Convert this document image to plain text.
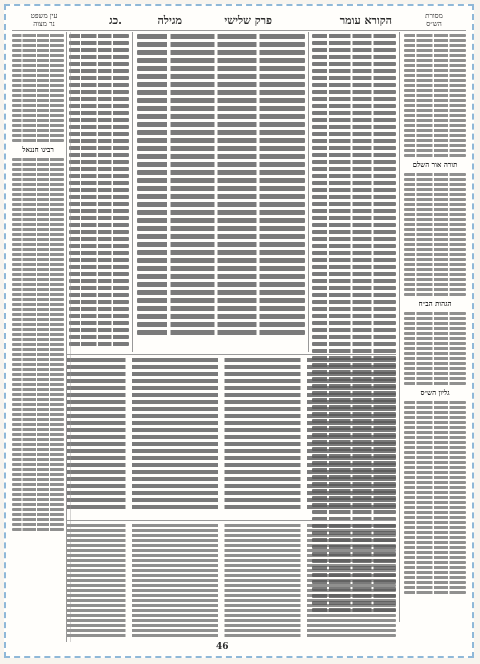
מסורת
הש״ס
הקורא עומר
פרק שלישי
מגילה
כג.
עין משפט
נר מצוה
תורה אור השלם
הגהות הב״ח
גליון הש״ס
רבינו חננאל
46
